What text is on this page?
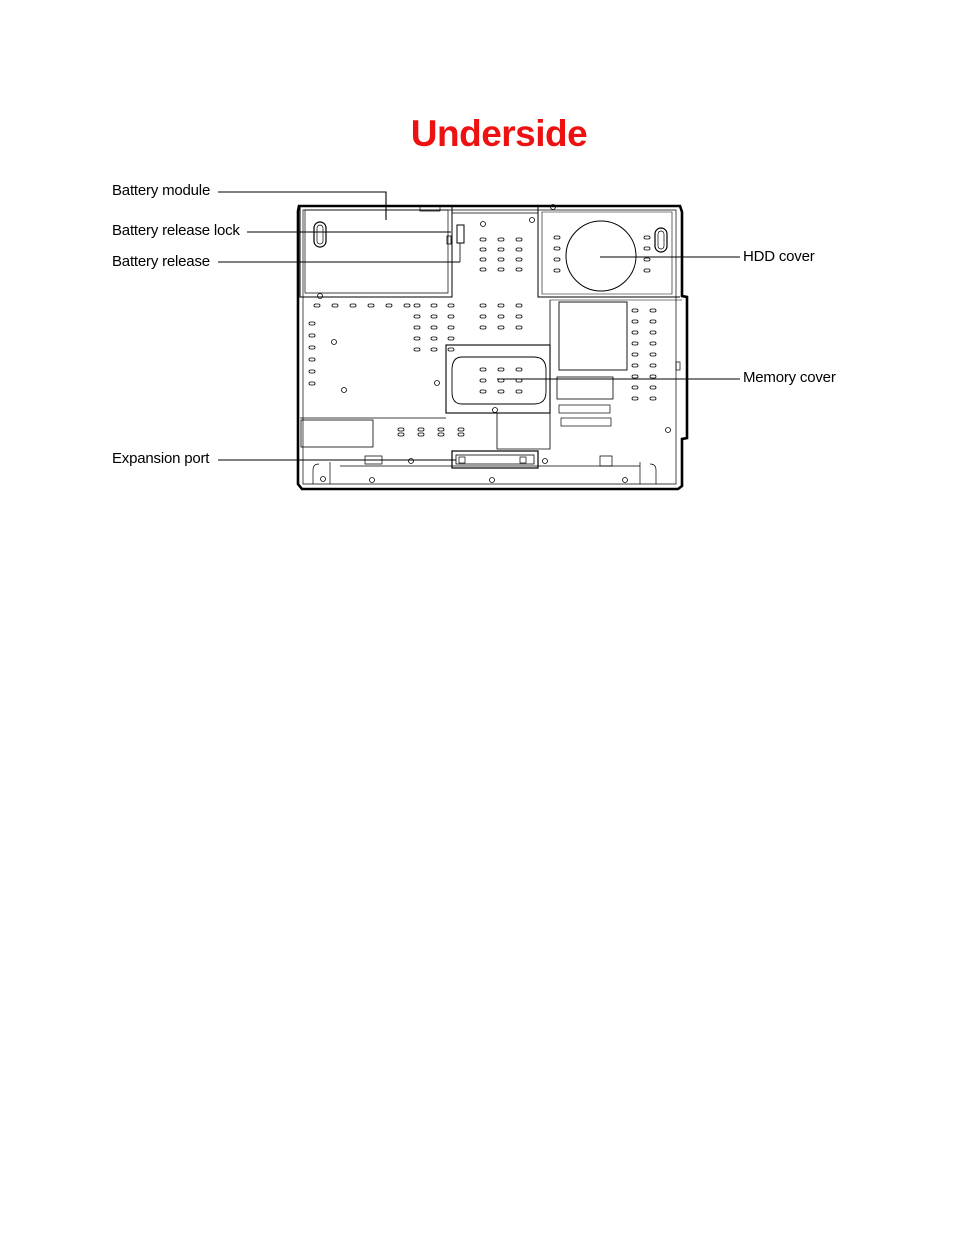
Underside
Battery module
Battery release lock
Battery release
Expansion port
HDD cover
Memory cover
